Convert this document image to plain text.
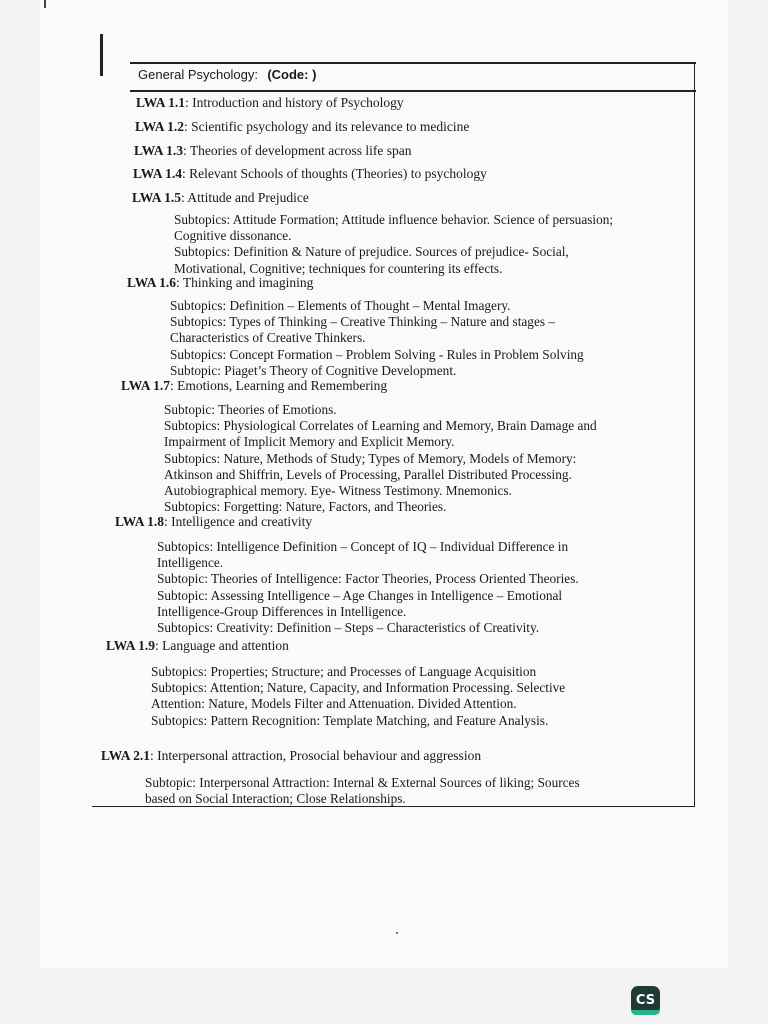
General Psychology: (Code: )
LWA 1.1: Introduction and history of Psychology
LWA 1.2: Scientific psychology and its relevance to medicine
LWA 1.3: Theories of development across life span
LWA 1.4: Relevant Schools of thoughts (Theories) to psychology
LWA 1.5: Attitude and Prejudice
Subtopics: Attitude Formation; Attitude influence behavior. Science of persuasion;
Cognitive dissonance.
Subtopics: Definition & Nature of prejudice. Sources of prejudice- Social,
Motivational, Cognitive; techniques for countering its effects.
LWA 1.6: Thinking and imagining
Subtopics: Definition – Elements of Thought – Mental Imagery.
Subtopics: Types of Thinking – Creative Thinking – Nature and stages –
Characteristics of Creative Thinkers.
Subtopics: Concept Formation – Problem Solving - Rules in Problem Solving
Subtopic: Piaget’s Theory of Cognitive Development.
LWA 1.7: Emotions, Learning and Remembering
Subtopic: Theories of Emotions.
Subtopics: Physiological Correlates of Learning and Memory, Brain Damage and
Impairment of Implicit Memory and Explicit Memory.
Subtopics: Nature, Methods of Study; Types of Memory, Models of Memory:
Atkinson and Shiffrin, Levels of Processing, Parallel Distributed Processing.
Autobiographical memory. Eye- Witness Testimony. Mnemonics.
Subtopics: Forgetting: Nature, Factors, and Theories.
LWA 1.8: Intelligence and creativity
Subtopics: Intelligence Definition – Concept of IQ – Individual Difference in
Intelligence.
Subtopic: Theories of Intelligence: Factor Theories, Process Oriented Theories.
Subtopic: Assessing Intelligence – Age Changes in Intelligence – Emotional
Intelligence-Group Differences in Intelligence.
Subtopics: Creativity: Definition – Steps – Characteristics of Creativity.
LWA 1.9: Language and attention
Subtopics: Properties; Structure; and Processes of Language Acquisition
Subtopics: Attention; Nature, Capacity, and Information Processing. Selective
Attention: Nature, Models Filter and Attenuation. Divided Attention.
Subtopics: Pattern Recognition: Template Matching, and Feature Analysis.
LWA 2.1: Interpersonal attraction, Prosocial behaviour and aggression
Subtopic: Interpersonal Attraction: Internal & External Sources of liking; Sources
based on Social Interaction; Close Relationships.
CS
